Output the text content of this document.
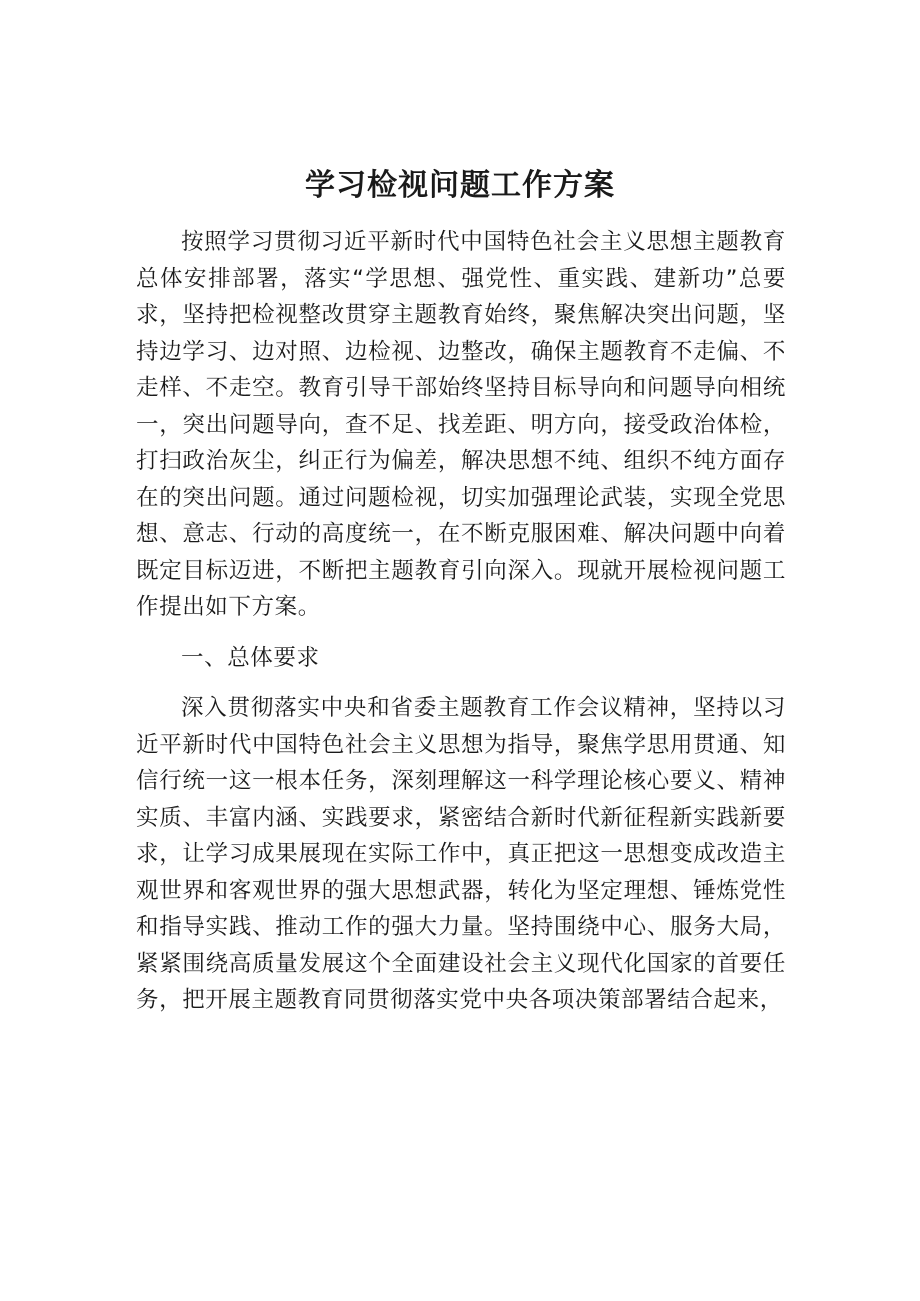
学习检视问题工作方案

按照学习贯彻习近平新时代中国特色社会主义思想主题教育总体安排部署，落实“学思想、强党性、重实践、建新功”总要求，坚持把检视整改贯穿主题教育始终，聚焦解决突出问题，坚持边学习、边对照、边检视、边整改，确保主题教育不走偏、不走样、不走空。教育引导干部始终坚持目标导向和问题导向相统一，突出问题导向，查不足、找差距、明方向，接受政治体检，打扫政治灰尘，纠正行为偏差，解决思想不纯、组织不纯方面存在的突出问题。通过问题检视，切实加强理论武装，实现全党思想、意志、行动的高度统一，在不断克服困难、解决问题中向着既定目标迈进，不断把主题教育引向深入。现就开展检视问题工作提出如下方案。

一、总体要求

深入贯彻落实中央和省委主题教育工作会议精神，坚持以习近平新时代中国特色社会主义思想为指导，聚焦学思用贯通、知信行统一这一根本任务，深刻理解这一科学理论核心要义、精神实质、丰富内涵、实践要求，紧密结合新时代新征程新实践新要求，让学习成果展现在实际工作中，真正把这一思想变成改造主观世界和客观世界的强大思想武器，转化为坚定理想、锤炼党性和指导实践、推动工作的强大力量。坚持围绕中心、服务大局，紧紧围绕高质量发展这个全面建设社会主义现代化国家的首要任务，把开展主题教育同贯彻落实党中央各项决策部署结合起来，
